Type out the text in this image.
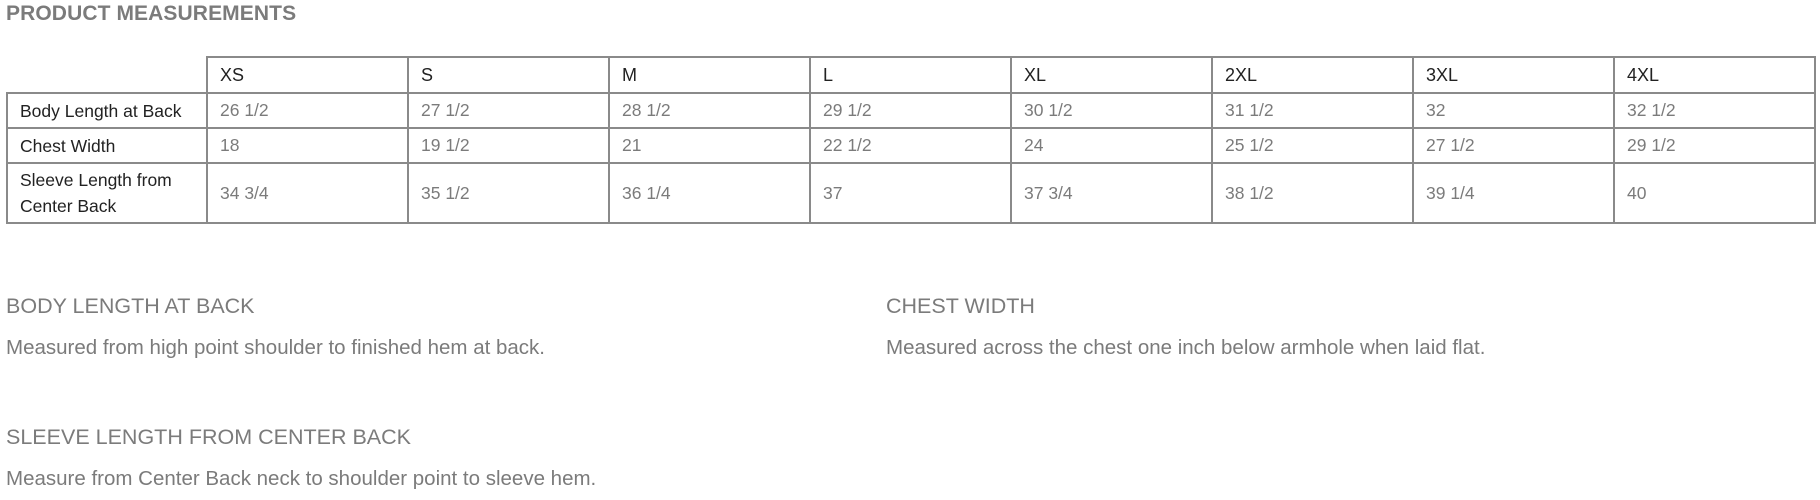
PRODUCT MEASUREMENTS
	XS	S	M	L	XL	2XL	3XL	4XL
Body Length at Back	26 1/2	27 1/2	28 1/2	29 1/2	30 1/2	31 1/2	32	32 1/2
Chest Width	18	19 1/2	21	22 1/2	24	25 1/2	27 1/2	29 1/2
Sleeve Length from Center Back	34 3/4	35 1/2	36 1/4	37	37 3/4	38 1/2	39 1/4	40
BODY LENGTH AT BACK

Measured from high point shoulder to finished hem at back.

CHEST WIDTH

Measured across the chest one inch below armhole when laid flat.

SLEEVE LENGTH FROM CENTER BACK

Measure from Center Back neck to shoulder point to sleeve hem.
